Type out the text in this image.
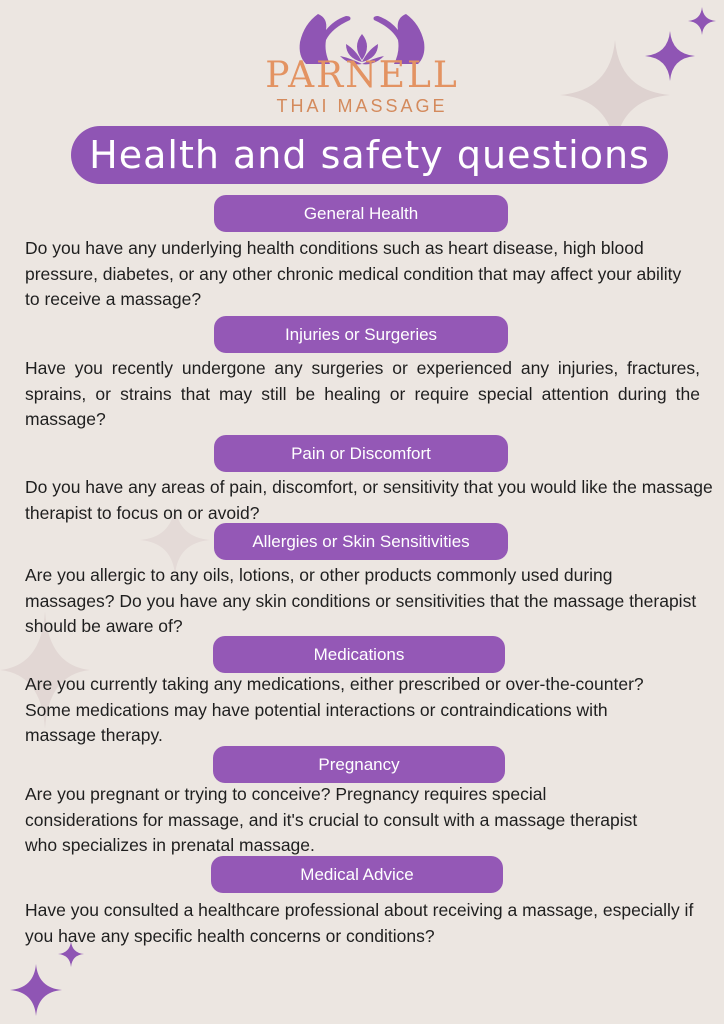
PARNELL
THAI MASSAGE
Health and safety questions
General Health

Do you have any underlying health conditions such as heart disease, high blood pressure, diabetes, or any other chronic medical condition that may affect your ability to receive a massage?

Injuries or Surgeries

Have you recently undergone any surgeries or experienced any injuries, fractures, sprains, or strains that may still be healing or require special attention during the massage?

Pain or Discomfort

Do you have any areas of pain, discomfort, or sensitivity that you would like the massage therapist to focus on or avoid?

Allergies or Skin Sensitivities

Are you allergic to any oils, lotions, or other products commonly used during massages? Do you have any skin conditions or sensitivities that the massage therapist should be aware of?

Medications

Are you currently taking any medications, either prescribed or over-the-counter? Some medications may have potential interactions or contraindications with massage therapy.

Pregnancy

Are you pregnant or trying to conceive? Pregnancy requires special considerations for massage, and it's crucial to consult with a massage therapist who specializes in prenatal massage.

Medical Advice

Have you consulted a healthcare professional about receiving a massage, especially if you have any specific health concerns or conditions?
